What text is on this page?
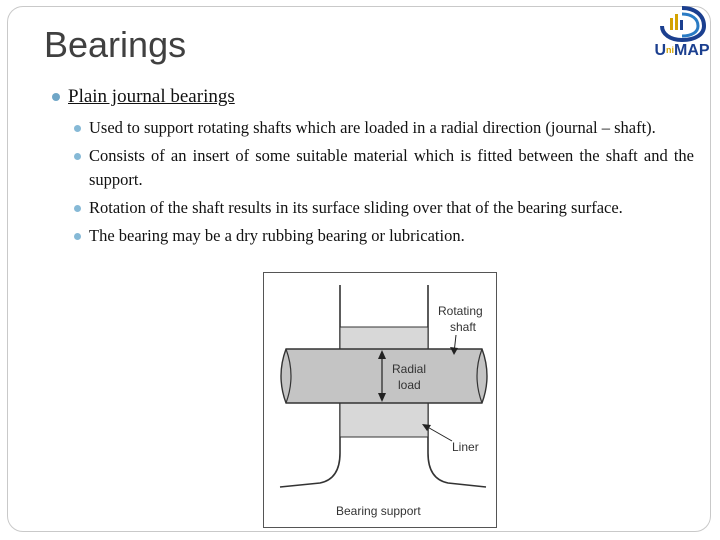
Bearings	UniMAP
Plain journal bearings
Used to support rotating shafts which are loaded in a radial direction (journal – shaft).
Consists of an insert of some suitable material which is fitted between the shaft and the support.
Rotation of the shaft results in its surface sliding over that of the bearing surface.
The bearing may be a dry rubbing bearing or lubrication.
Radial
load
Rotating
shaft
Liner
Bearing support
